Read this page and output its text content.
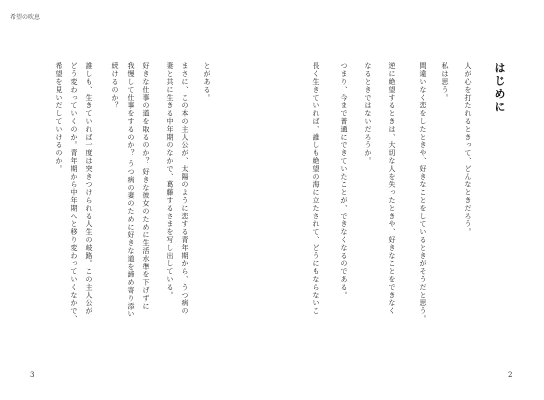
希望の吹息
はじめに
人が心を打たれるときって、どんなときだろう。
私は思う。
間違いなく恋をしたときや、好きなことをしているときがそうだと思う。
逆に絶望するときは、大切な人を失ったときや、好きなことをできなく
なるときではないだろうか。
つまり、今まで普通にできていたことが、できなくなるのである。
長く生きていれば、誰しも絶望の海に立たされて、どうにもならないこ
とがある。
まさに、この本の主人公が、太陽のように恋する青年期から、うつ病の
妻と共に生きる中年期のなかで、葛藤するさまを写し出している。
好きな仕事の道を取るのか？ 好きな彼女のために生活水準を下げずに
我慢して仕事をするのか？ うつ病の妻のために好きな道を諦め寄り添い
続けるのか？
誰しも、生きていれば一度は突きつけられる人生の岐路。この主人公が
どう変わっていくのか。青年期から中年期へと移り変わっていくなかで、
希望を見いだしていけるのか。
3	2
